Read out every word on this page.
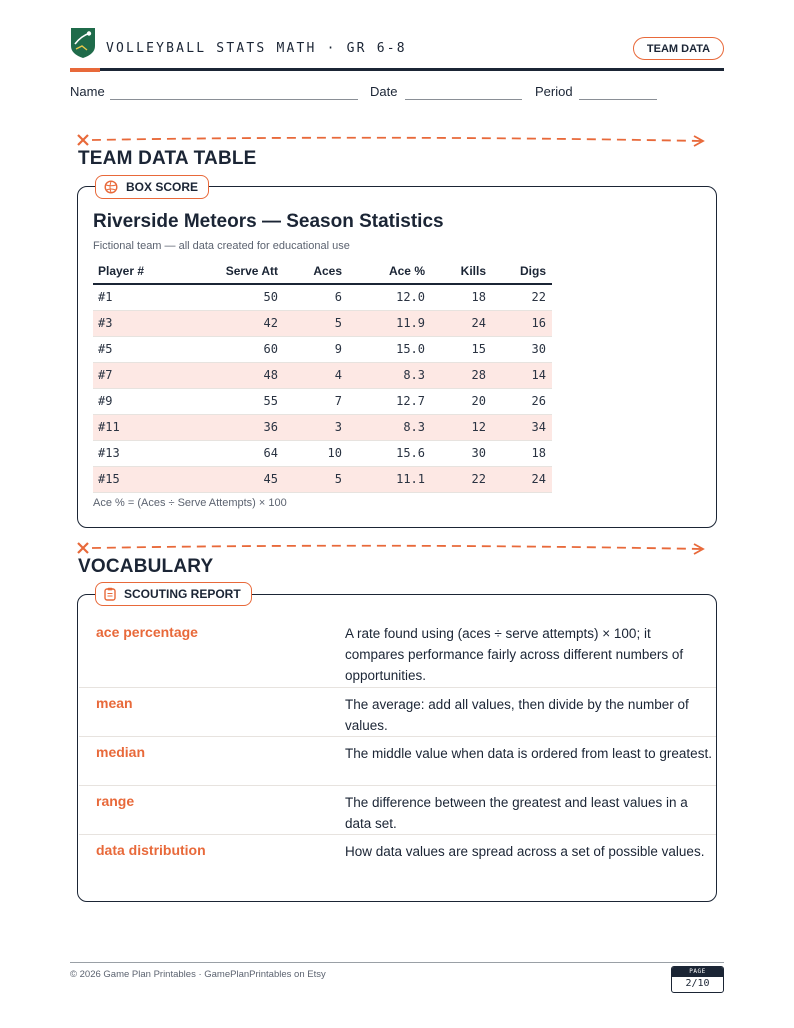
VOLLEYBALL STATS MATH · GR 6-8	TEAM DATA
Name	Date	Period
TEAM DATA TABLE
BOX SCORE
Riverside Meteors — Season Statistics
Fictional team — all data created for educational use
Player #	Serve Att	Aces	Ace %	Kills	Digs
#1	50	6	12.0	18	22
#3	42	5	11.9	24	16
#5	60	9	15.0	15	30
#7	48	4	8.3	28	14
#9	55	7	12.7	20	26
#11	36	3	8.3	12	34
#13	64	10	15.6	30	18
#15	45	5	11.1	22	24
Ace % = (Aces ÷ Serve Attempts) × 100
VOCABULARY
SCOUTING REPORT
ace percentage	A rate found using (aces ÷ serve attempts) × 100; it compares performance fairly across different numbers of opportunities.
mean	The average: add all values, then divide by the number of values.
median	The middle value when data is ordered from least to greatest.
range	The difference between the greatest and least values in a data set.
data distribution	How data values are spread across a set of possible values.
© 2026 Game Plan Printables · GamePlanPrintables on Etsy	PAGE
2/10
